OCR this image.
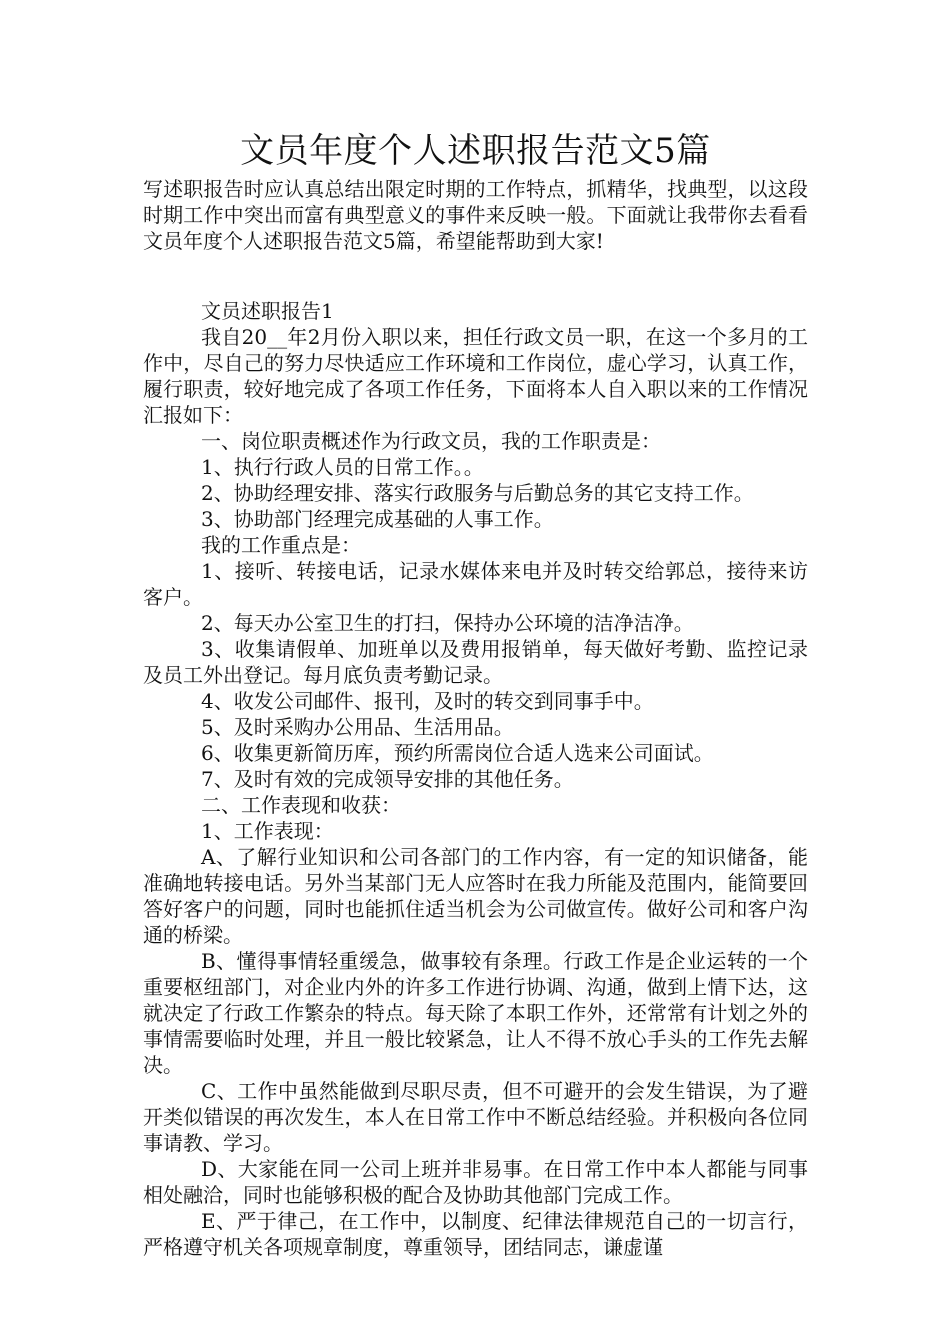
文员年度个人述职报告范文5篇

写述职报告时应认真总结出限定时期的工作特点，抓精华，找典型，以这段时期工作中突出而富有典型意义的事件来反映一般。下面就让我带你去看看文员年度个人述职报告范文5篇，希望能帮助到大家!

文员述职报告1

我自20__年2月份入职以来，担任行政文员一职，在这一个多月的工作中，尽自己的努力尽快适应工作环境和工作岗位，虚心学习，认真工作，履行职责，较好地完成了各项工作任务，下面将本人自入职以来的工作情况汇报如下：

一、岗位职责概述作为行政文员，我的工作职责是：

1、执行行政人员的日常工作。。

2、协助经理安排、落实行政服务与后勤总务的其它支持工作。

3、协助部门经理完成基础的人事工作。

我的工作重点是：

1、接听、转接电话，记录水媒体来电并及时转交给郭总，接待来访客户。

2、每天办公室卫生的打扫，保持办公环境的洁净洁净。

3、收集请假单、加班单以及费用报销单，每天做好考勤、监控记录及员工外出登记。每月底负责考勤记录。

4、收发公司邮件、报刊，及时的转交到同事手中。

5、及时采购办公用品、生活用品。

6、收集更新简历库，预约所需岗位合适人选来公司面试。

7、及时有效的完成领导安排的其他任务。

二、工作表现和收获：

1、工作表现：

A、了解行业知识和公司各部门的工作内容，有一定的知识储备，能准确地转接电话。另外当某部门无人应答时在我力所能及范围内，能简要回答好客户的问题，同时也能抓住适当机会为公司做宣传。做好公司和客户沟通的桥梁。

B、懂得事情轻重缓急，做事较有条理。行政工作是企业运转的一个重要枢纽部门，对企业内外的许多工作进行协调、沟通，做到上情下达，这就决定了行政工作繁杂的特点。每天除了本职工作外，还常常有计划之外的事情需要临时处理，并且一般比较紧急，让人不得不放心手头的工作先去解决。

C、工作中虽然能做到尽职尽责，但不可避开的会发生错误，为了避开类似错误的再次发生，本人在日常工作中不断总结经验。并积极向各位同事请教、学习。

D、大家能在同一公司上班并非易事。在日常工作中本人都能与同事相处融洽，同时也能够积极的配合及协助其他部门完成工作。

E、严于律己，在工作中，以制度、纪律法律规范自己的一切言行，严格遵守机关各项规章制度，尊重领导，团结同志，谦虚谨
